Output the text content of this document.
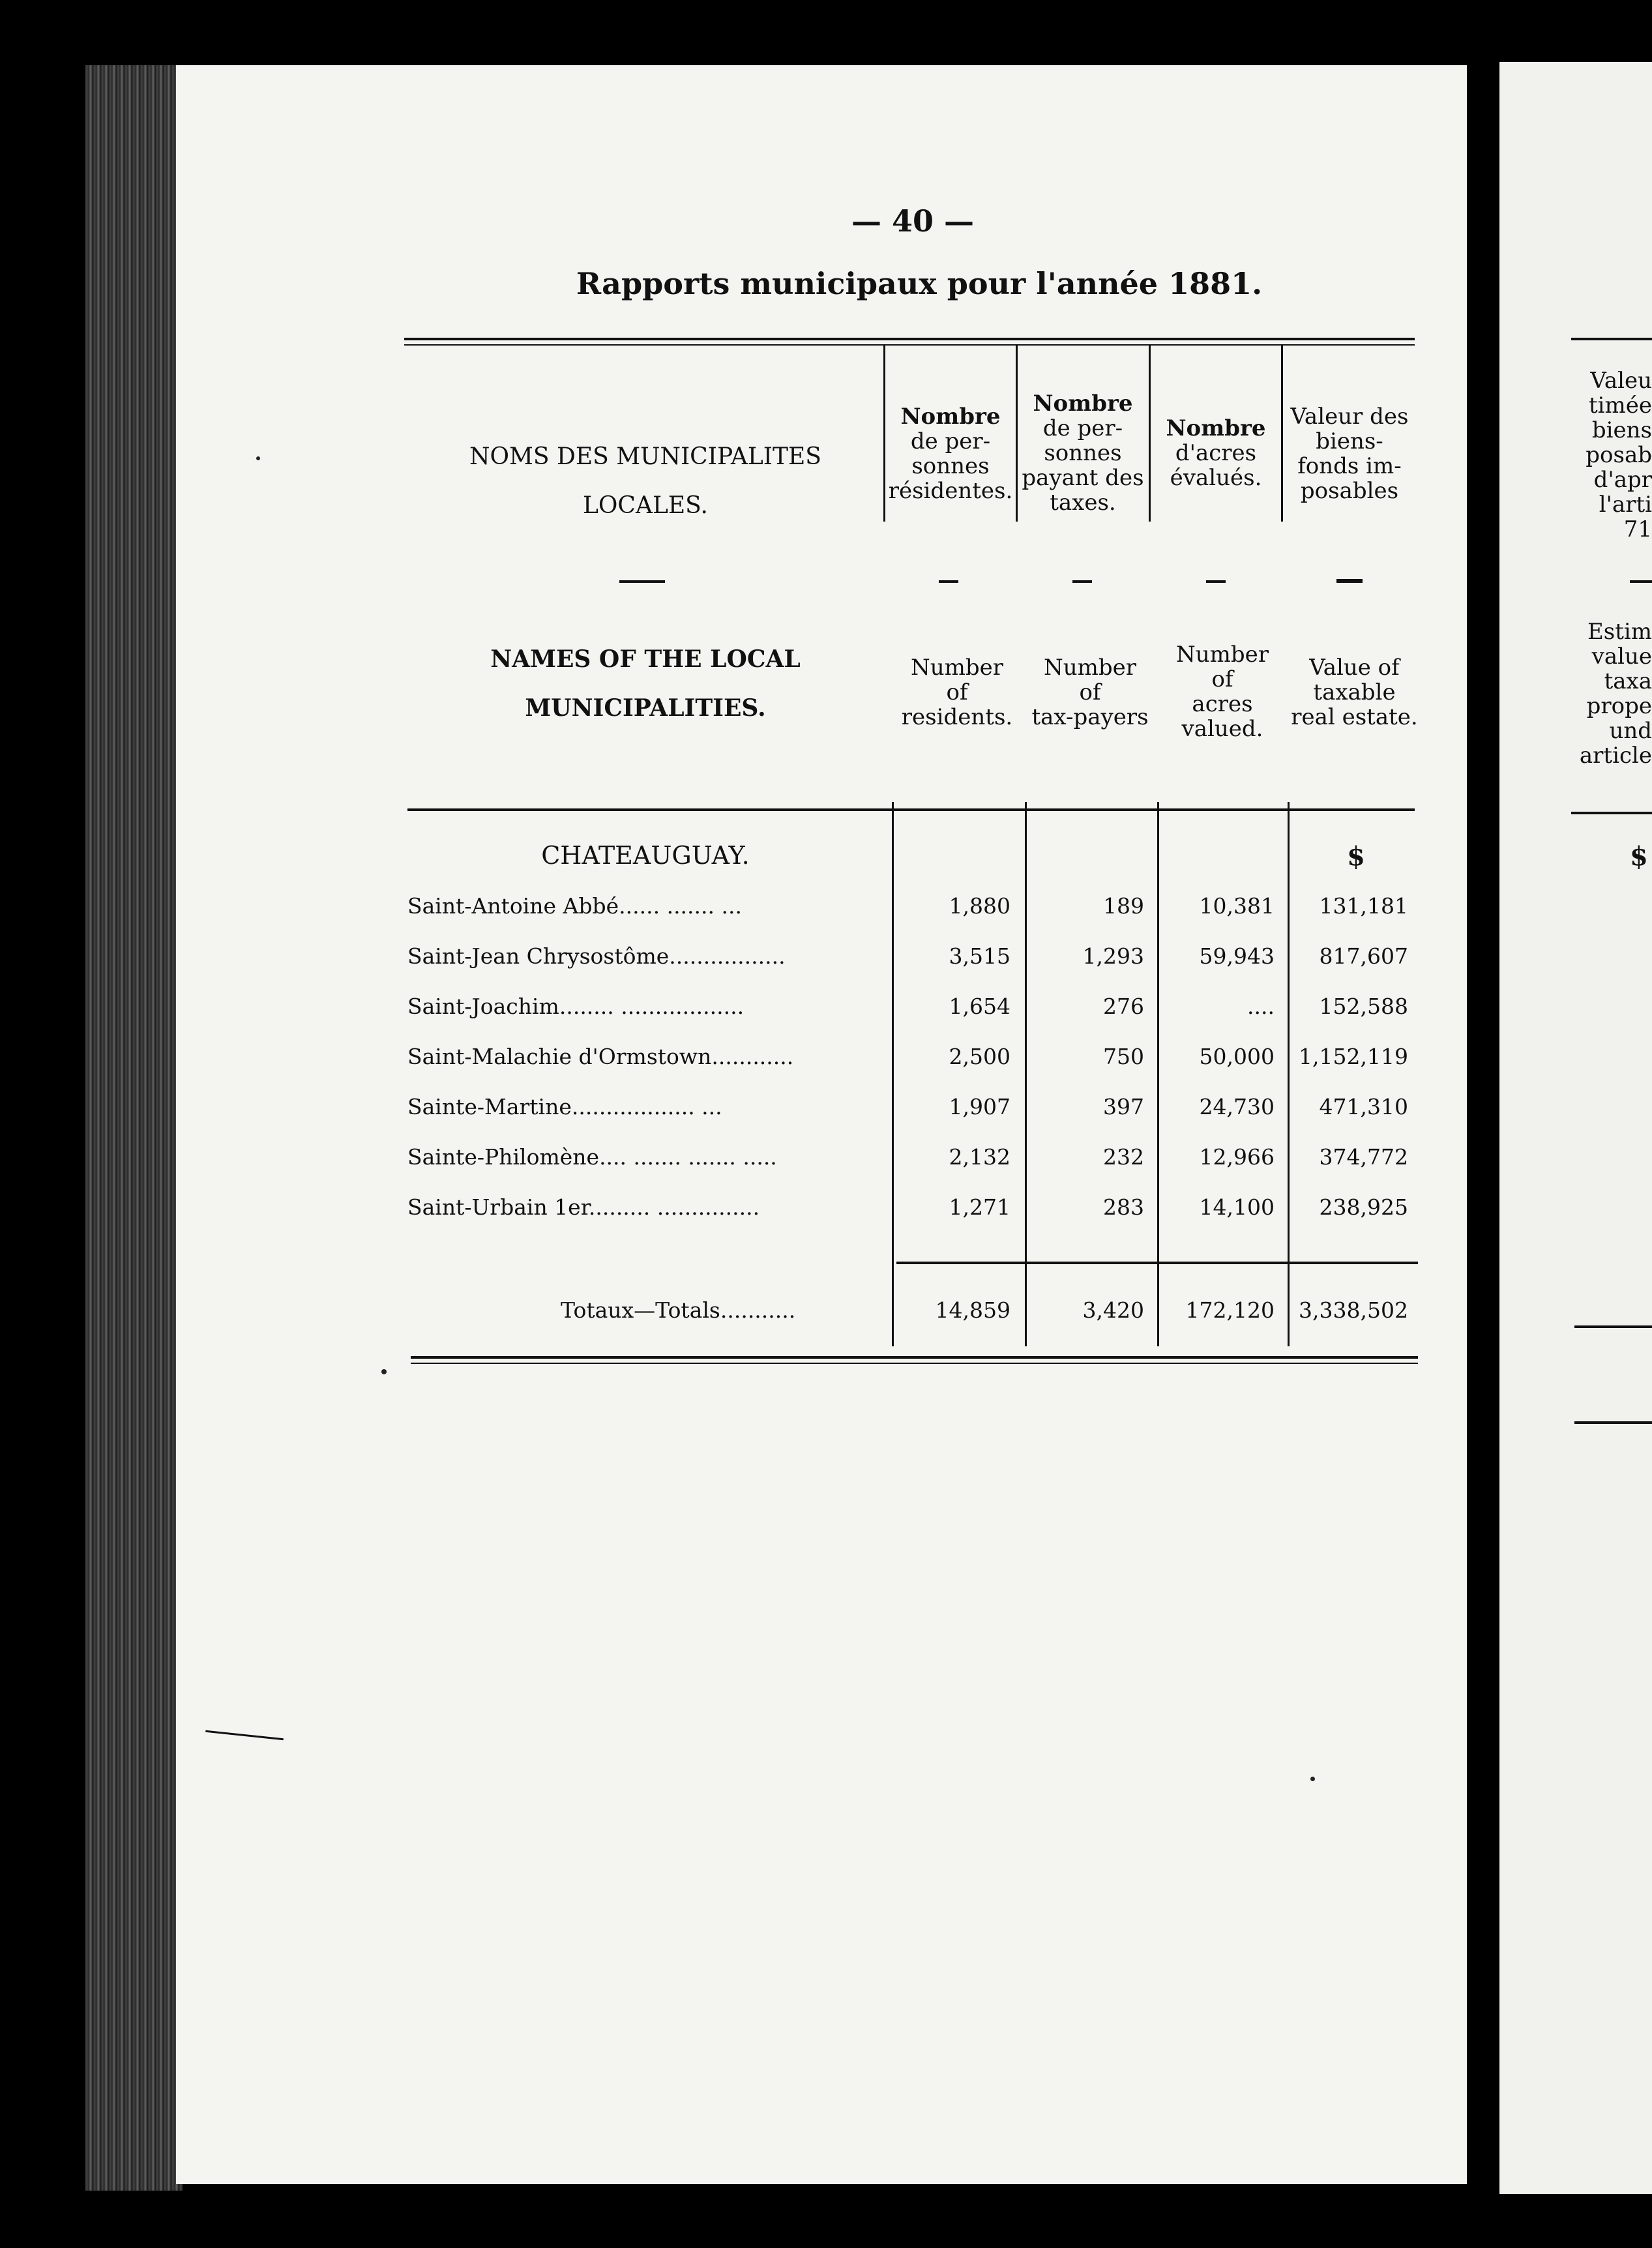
— 40 —
Rapports municipaux pour l'année 1881.
NOMS DES MUNICIPALITES
LOCALES.
Nombre
de per-
sonnes
résidentes.
Nombre
de per-
sonnes
payant des
taxes.
Nombre
d'acres
évalués.
Valeur des
biens-
fonds im-
posables
NAMES OF THE LOCAL
MUNICIPALITIES.
Number
of
residents.
Number
of
tax-payers
Number
of
acres
valued.
Value of
taxable
real estate.
CHATEAUGUAY.	$
Saint-Antoine Abbé...... ....... ...	1,880	189	10,381	131,181
Saint-Jean Chrysostôme.................	3,515	1,293	59,943	817,607
Saint-Joachim........ ..................	1,654	276	....	152,588
Saint-Malachie d'Ormstown............	2,500	750	50,000	1,152,119
Sainte-Martine.................. ...	1,907	397	24,730	471,310
Sainte-Philomène.... ....... ....... .....	2,132	232	12,966	374,772
Saint-Urbain 1er......... ...............	1,271	283	14,100	238,925
Totaux—Totals...........	14,859	3,420	172,120	3,338,502
Valeu
timée
biens
posab
d'apr
l'arti
71
Estim
value
taxa
prope
und
article
$
